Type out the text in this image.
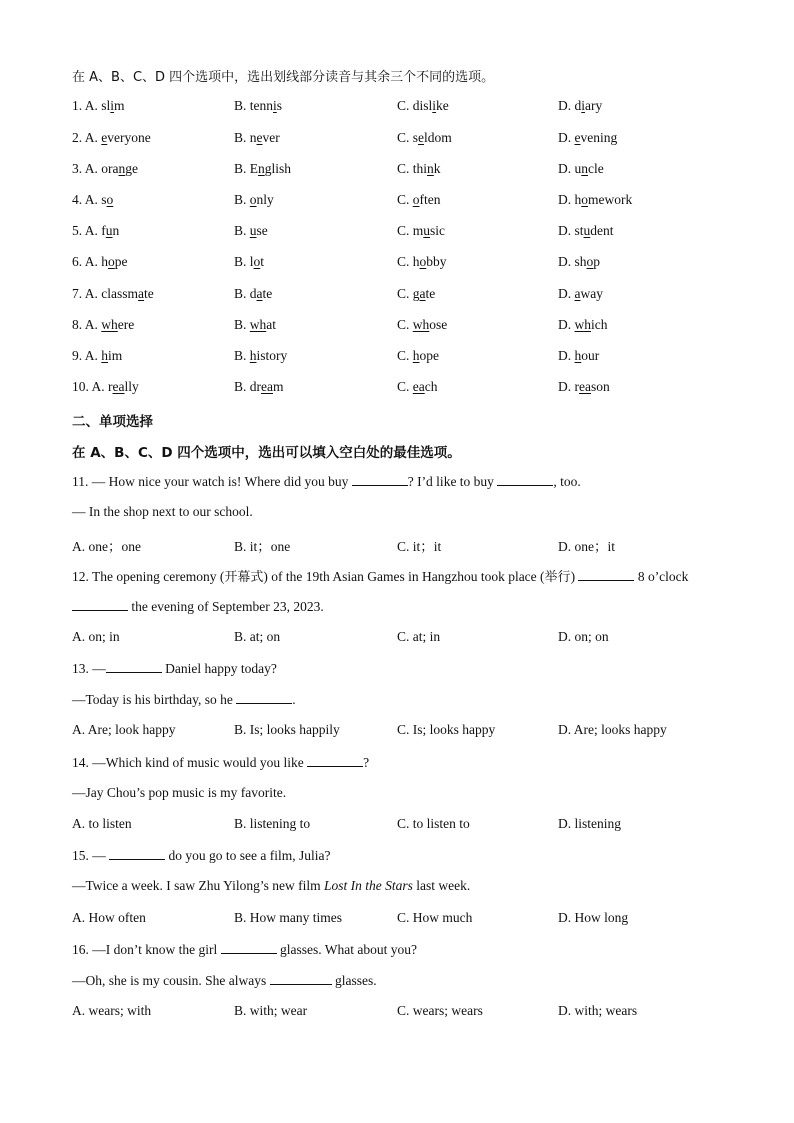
在 A、B、C、D 四个选项中，选出划线部分读音与其余三个不同的选项。
1. A. slim	B. tennis	C. dislike	D. diary
2. A. everyone	B. never	C. seldom	D. evening
3. A. orange	B. English	C. think	D. uncle
4. A. so	B. only	C. often	D. homework
5. A. fun	B. use	C. music	D. student
6. A. hope	B. lot	C. hobby	D. shop
7. A. classmate	B. date	C. gate	D. away
8. A. where	B. what	C. whose	D. which
9. A. him	B. history	C. hope	D. hour
10. A. really	B. dream	C. each	D. reason
二、单项选择
在 A、B、C、D 四个选项中，选出可以填入空白处的最佳选项。
11. — How nice your watch is! Where did you buy	? I’d like to buy	, too.
— In the shop next to our school.
A. one；one	B. it；one	C. it；it	D. one；it
12. The opening ceremony (开幕式) of the 19th Asian Games in Hangzhou took place (举行)	8 o’clock
the evening of September 23, 2023.
A. on; in	B. at; on	C. at; in	D. on; on
13. —	Daniel happy today?
—Today is his birthday, so he	.
A. Are; look happy	B. Is; looks happily	C. Is; looks happy	D. Are; looks happy
14. —Which kind of music would you like	?
—Jay Chou’s pop music is my favorite.
A. to listen	B. listening to	C. to listen to	D. listening
15. —	do you go to see a film, Julia?
—Twice a week. I saw Zhu Yilong’s new film Lost In the Stars last week.
A. How often	B. How many times	C. How much	D. How long
16. —I don’t know the girl	glasses. What about you?
—Oh, she is my cousin. She always	glasses.
A. wears; with	B. with; wear	C. wears; wears	D. with; wears
